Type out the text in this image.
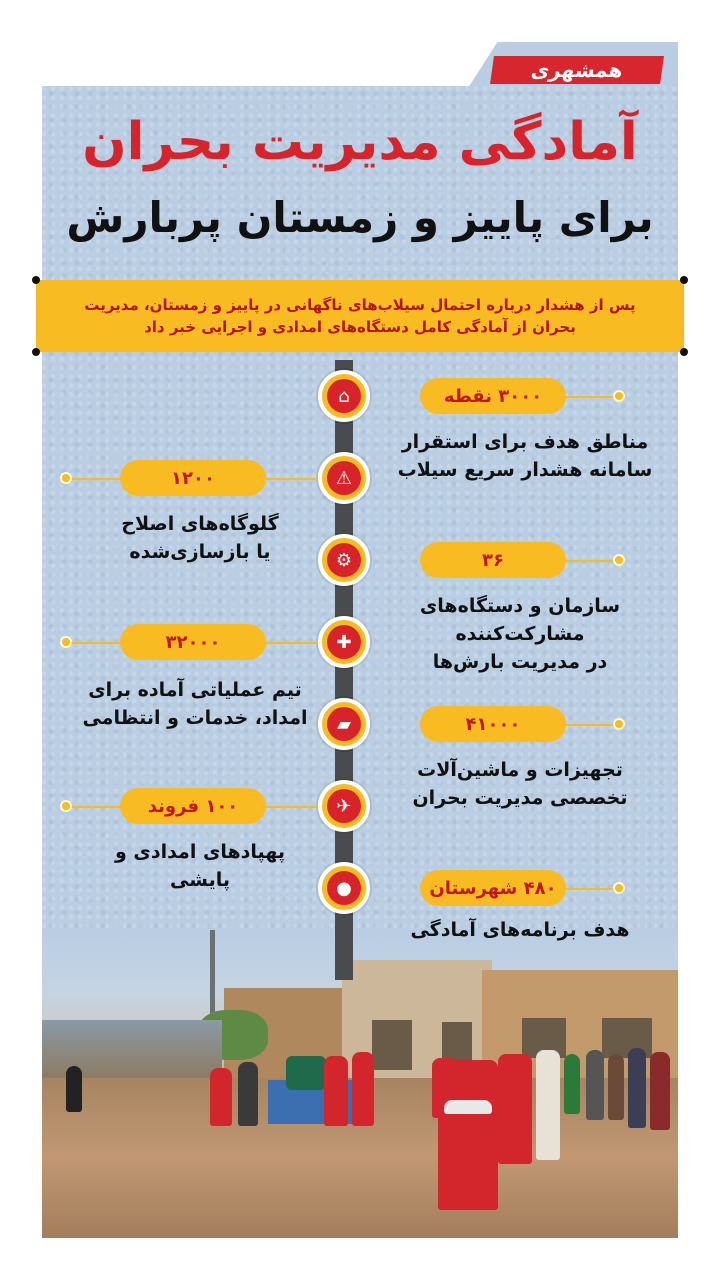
همشهری
آمادگی مدیریت بحران
برای پاییز و زمستان پربارش
پس از هشدار درباره احتمال سیلاب‌های ناگهانی در پاییز و زمستان، مدیریت بحران از آمادگی کامل دستگاه‌های امدادی و اجرایی خبر داد
⌂	۳۰۰۰ نقطه
مناطق هدف برای استقرار
سامانه هشدار سریع سیلاب
⚠
۱۲۰۰
گلوگاه‌های اصلاح
یا بازسازی‌شده	⚙	۳۶
سازمان و دستگاه‌های مشارکت‌کننده
در مدیریت بارش‌ها
✚
۳۲۰۰۰
تیم عملیاتی آماده برای
امداد، خدمات و انتظامی	▰	۴۱۰۰۰
تجهیزات و ماشین‌آلات
تخصصی مدیریت بحران
✈
۱۰۰ فروند
پهپادهای امدادی و
پایشی	●	۴۸۰ شهرستان
هدف برنامه‌های آمادگی
